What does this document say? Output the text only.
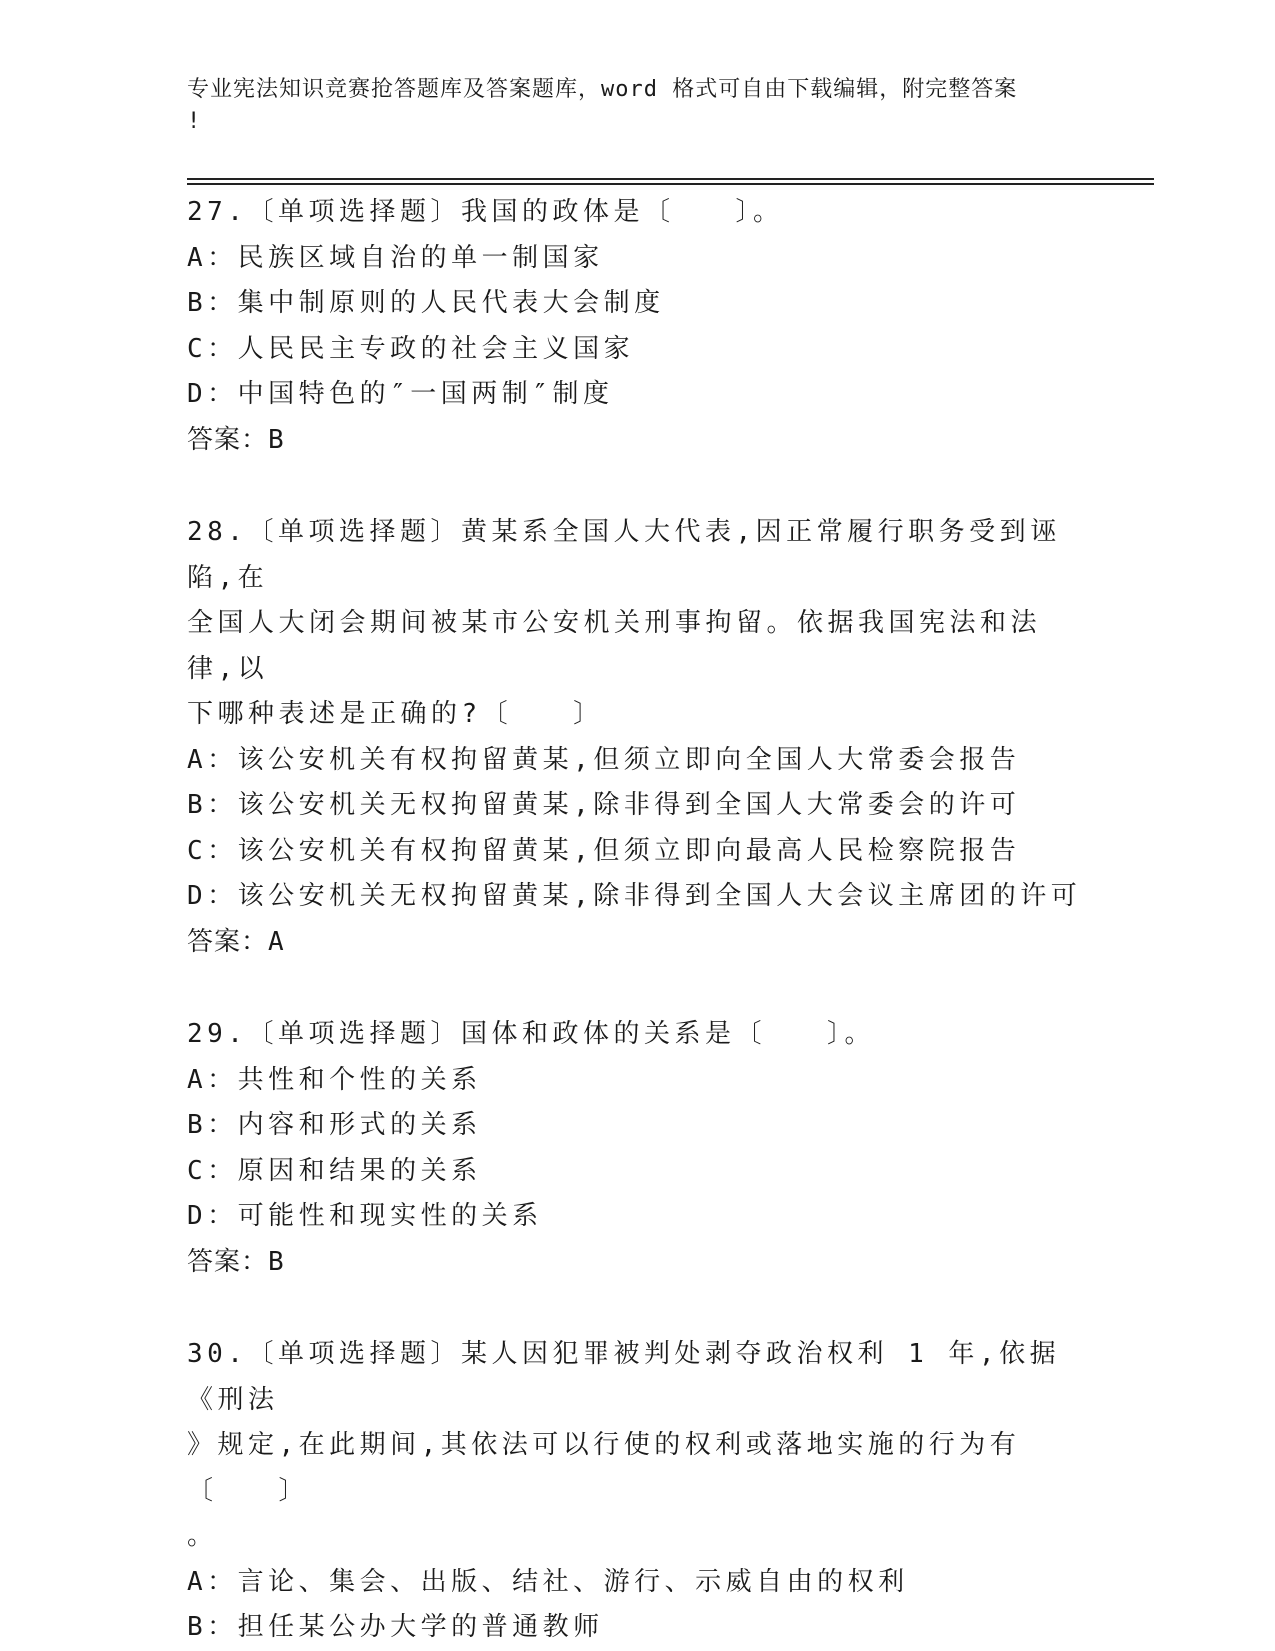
专业宪法知识竞赛抢答题库及答案题库，word 格式可自由下载编辑，附完整答案
!
27.〔单项选择题〕我国的政体是〔　　〕。
A：民族区域自治的单一制国家
B：集中制原则的人民代表大会制度
C：人民民主专政的社会主义国家
D：中国特色的″一国两制″制度
答案：B
28.〔单项选择题〕黄某系全国人大代表,因正常履行职务受到诬陷,在
全国人大闭会期间被某市公安机关刑事拘留。依据我国宪法和法律,以
下哪种表述是正确的?〔　　〕
A：该公安机关有权拘留黄某,但须立即向全国人大常委会报告
B：该公安机关无权拘留黄某,除非得到全国人大常委会的许可
C：该公安机关有权拘留黄某,但须立即向最高人民检察院报告
D：该公安机关无权拘留黄某,除非得到全国人大会议主席团的许可
答案：A
29.〔单项选择题〕国体和政体的关系是〔　　〕。
A：共性和个性的关系
B：内容和形式的关系
C：原因和结果的关系
D：可能性和现实性的关系
答案：B
30.〔单项选择题〕某人因犯罪被判处剥夺政治权利 1 年,依据《刑法
》规定,在此期间,其依法可以行使的权利或落地实施的行为有〔　　〕
。
A：言论、集会、出版、结社、游行、示威自由的权利
B：担任某公办大学的普通教师
